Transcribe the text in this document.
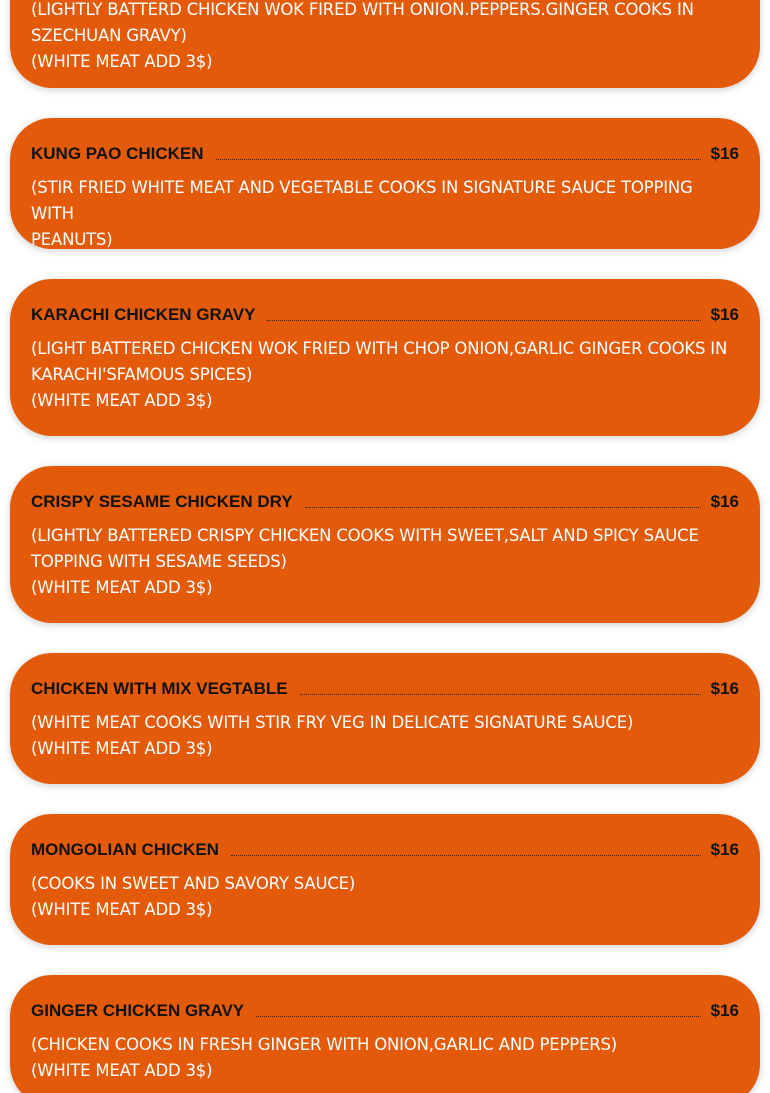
(LIGHTLY BATTERD CHICKEN WOK FIRED WITH ONION.PEPPERS.GINGER COOKS IN
SZECHUAN GRAVY)
(WHITE MEAT ADD 3$)
KUNG PAO CHICKEN	$16
(STIR FRIED WHITE MEAT AND VEGETABLE COOKS IN SIGNATURE SAUCE TOPPING WITH
PEANUTS)
KARACHI CHICKEN GRAVY	$16
(LIGHT BATTERED CHICKEN WOK FRIED WITH CHOP ONION,GARLIC GINGER COOKS IN
KARACHI'SFAMOUS SPICES)
(WHITE MEAT ADD 3$)
CRISPY SESAME CHICKEN DRY	$16
(LIGHTLY BATTERED CRISPY CHICKEN COOKS WITH SWEET,SALT AND SPICY SAUCE
TOPPING WITH SESAME SEEDS)
(WHITE MEAT ADD 3$)
CHICKEN WITH MIX VEGTABLE	$16
(WHITE MEAT COOKS WITH STIR FRY VEG IN DELICATE SIGNATURE SAUCE)
(WHITE MEAT ADD 3$)
MONGOLIAN CHICKEN	$16
(COOKS IN SWEET AND SAVORY SAUCE)
(WHITE MEAT ADD 3$)
GINGER CHICKEN GRAVY	$16
(CHICKEN COOKS IN FRESH GINGER WITH ONION,GARLIC AND PEPPERS)
(WHITE MEAT ADD 3$)
